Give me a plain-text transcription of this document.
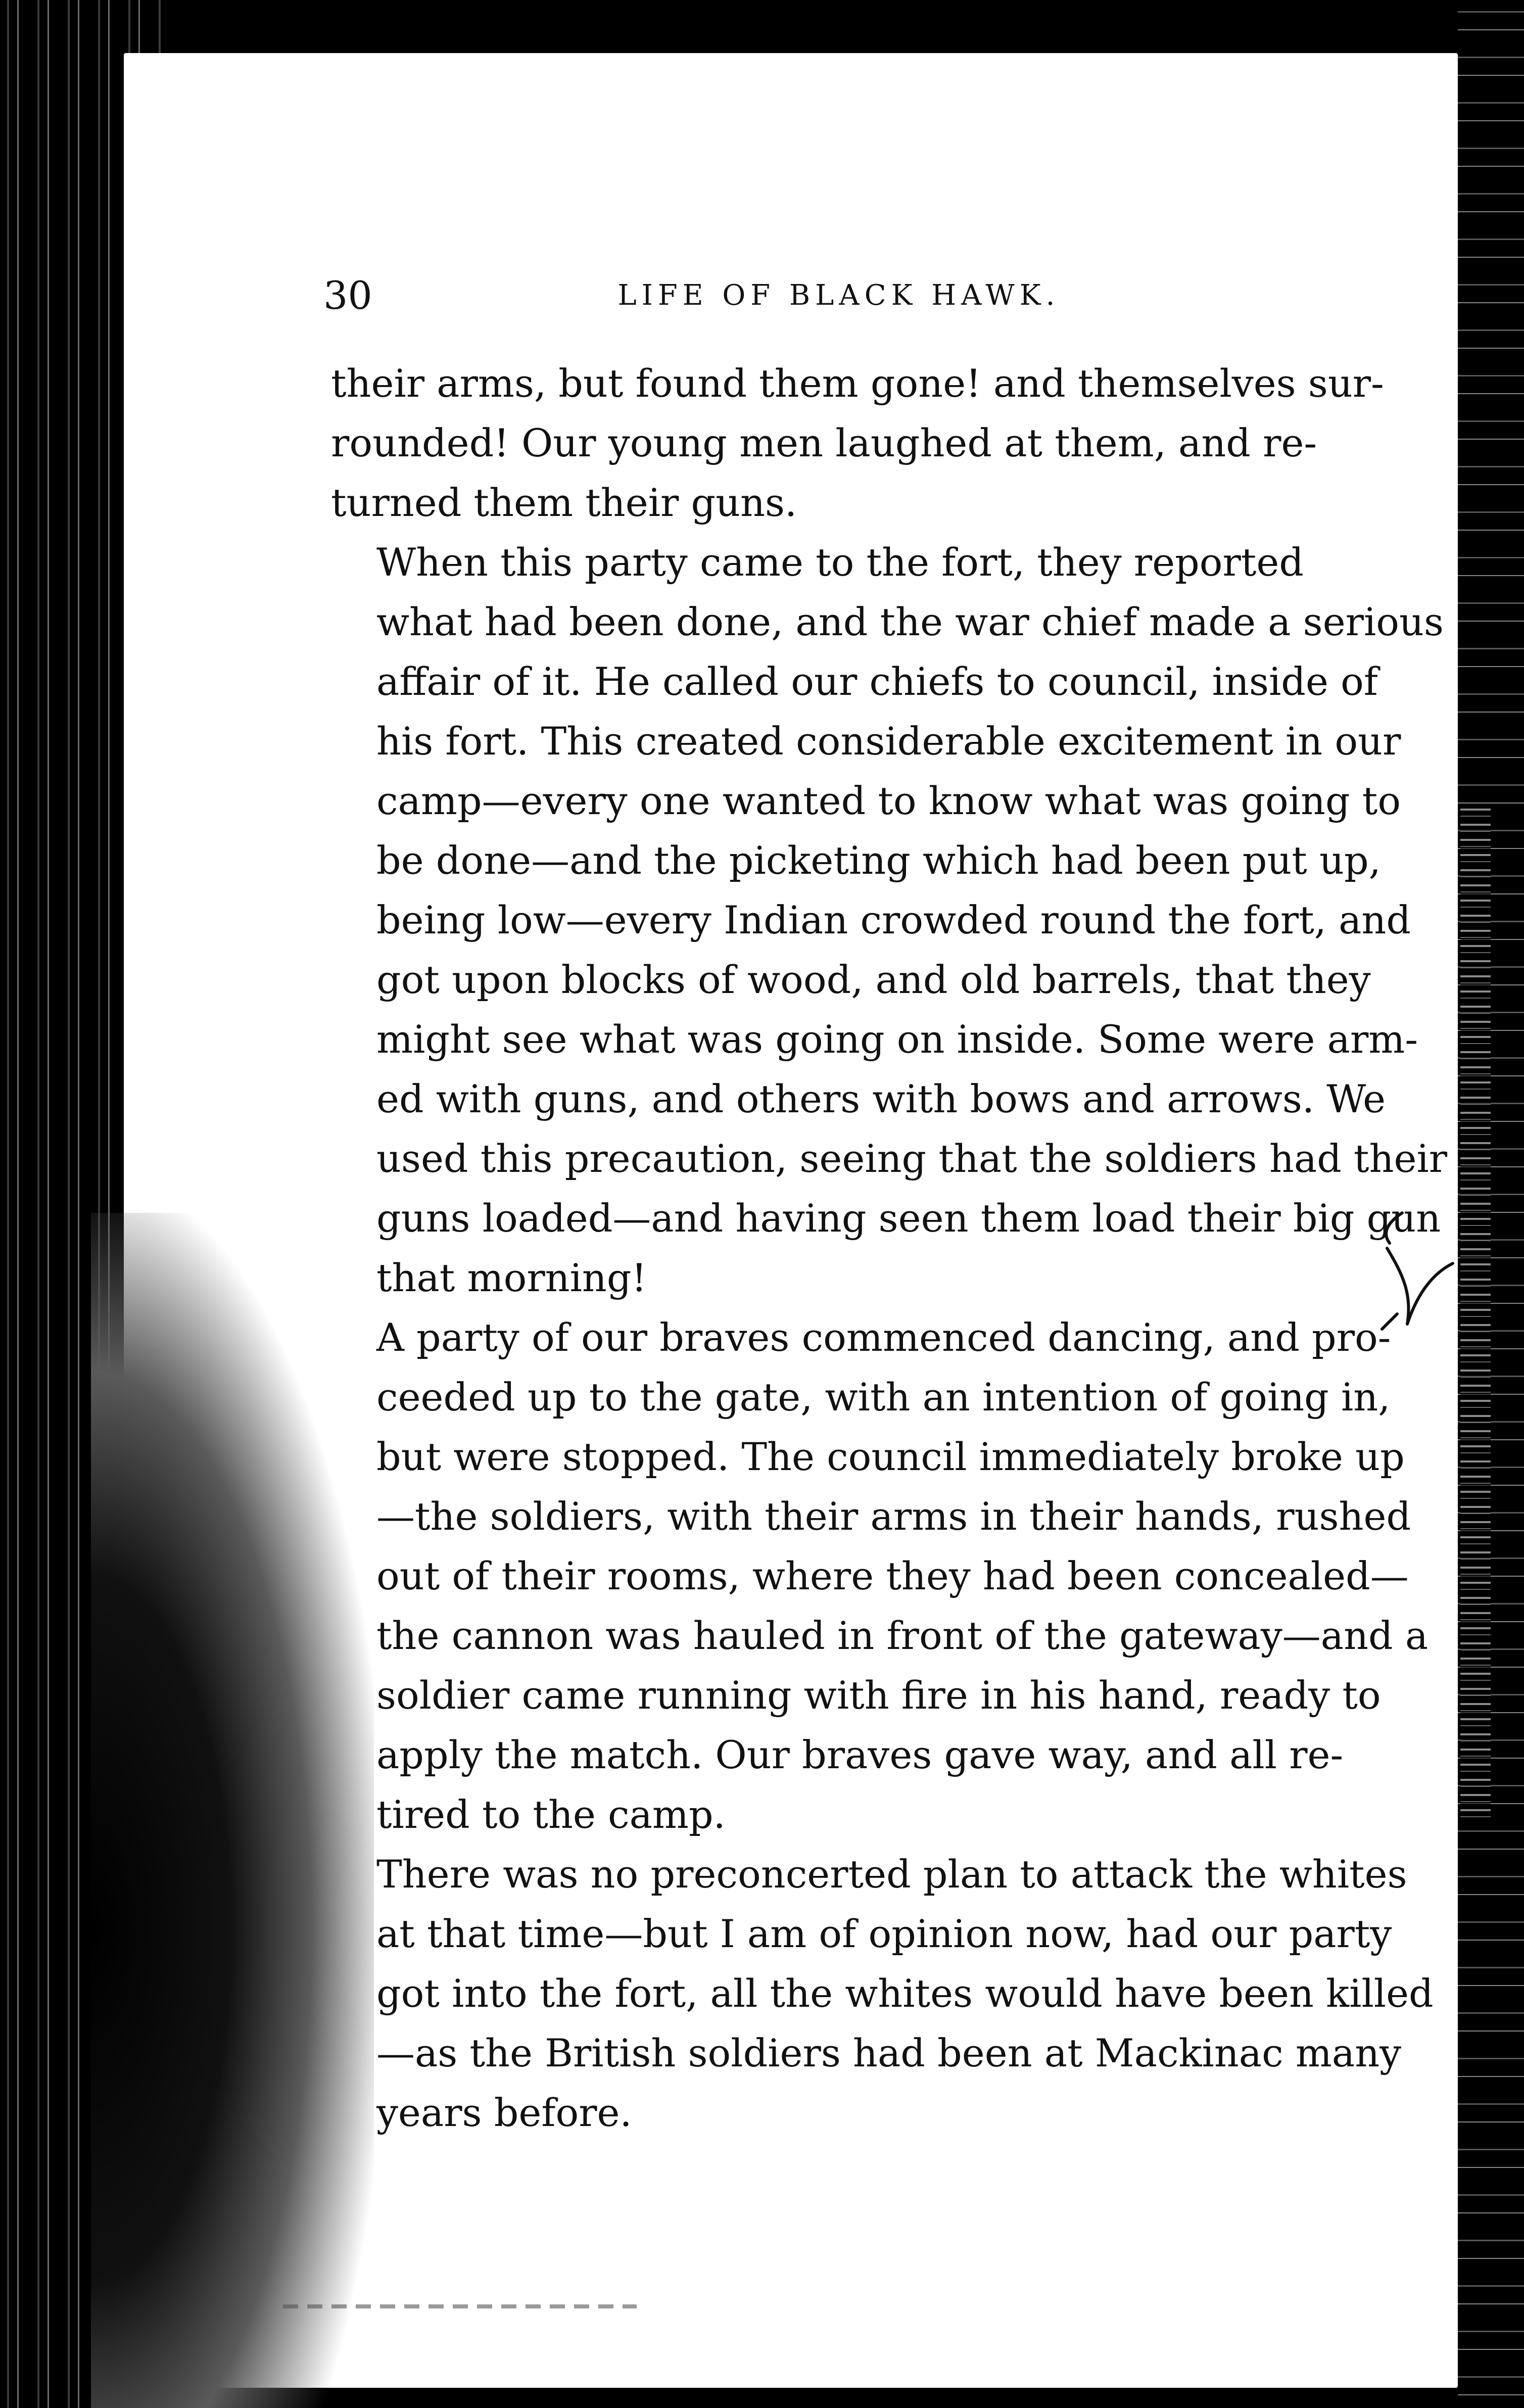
30	LIFE OF BLACK HAWK.

their arms, but found them gone! and themselves sur-
rounded! Our young men laughed at them, and re-
turned them their guns.

When this party came to the fort, they reported
what had been done, and the war chief made a serious
affair of it. He called our chiefs to council, inside of
his fort. This created considerable excitement in our
camp—every one wanted to know what was going to
be done—and the picketing which had been put up,
being low—every Indian crowded round the fort, and
got upon blocks of wood, and old barrels, that they
might see what was going on inside. Some were arm-
ed with guns, and others with bows and arrows. We
used this precaution, seeing that the soldiers had their
guns loaded—and having seen them load their big gun
that morning!

A party of our braves commenced dancing, and pro-
ceeded up to the gate, with an intention of going in,
but were stopped. The council immediately broke up
—the soldiers, with their arms in their hands, rushed
out of their rooms, where they had been concealed—
the cannon was hauled in front of the gateway—and a
soldier came running with fire in his hand, ready to
apply the match. Our braves gave way, and all re-
tired to the camp.

There was no preconcerted plan to attack the whites
at that time—but I am of opinion now, had our party
got into the fort, all the whites would have been killed
—as the British soldiers had been at Mackinac many
years before.
